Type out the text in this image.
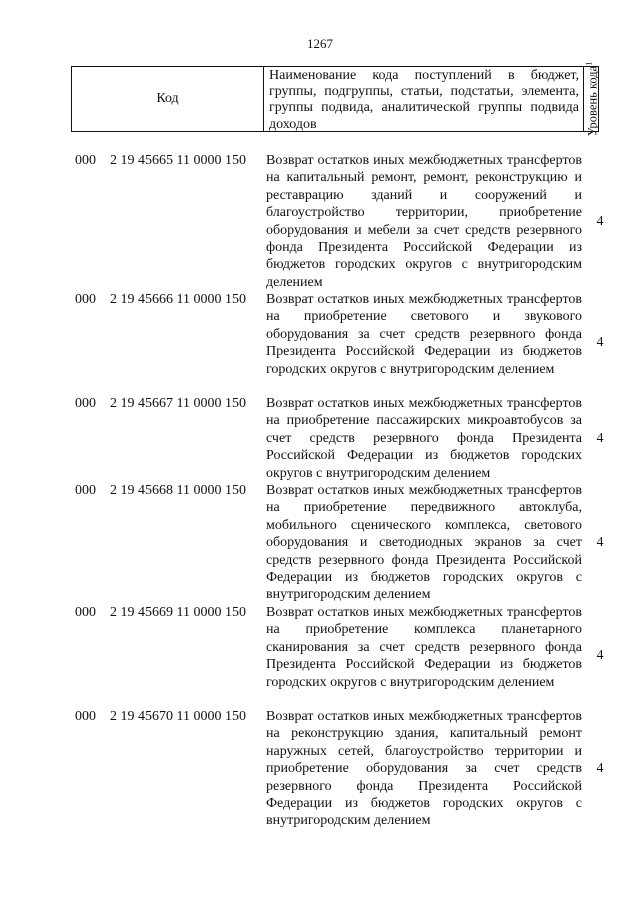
1267
Код
Наименование кода поступлений в бюджет, группы, подгруппы, статьи, подстатьи, элемента, группы подвида, аналитической группы подвида доходов	Уровень кода$^1$
000 2 19 45665 11 0000 150 Возврат остатков иных межбюджетных трансфертов на капитальный ремонт, ремонт, реконструкцию и реставрацию зданий и сооружений и благоустройство территории, приобретение оборудования и мебели за счет средств резервного фонда Президента Российской Федерации из бюджетов городских округов с внутригородским делением
4
000 2 19 45666 11 0000 150 Возврат остатков иных межбюджетных трансфертов на приобретение светового и звукового оборудования за счет средств резервного фонда Президента Российской Федерации из бюджетов городских округов с внутригородским делением
4
000 2 19 45667 11 0000 150 Возврат остатков иных межбюджетных трансфертов на приобретение пассажирских микроавтобусов за счет средств резервного фонда Президента Российской Федерации из бюджетов городских округов с внутригородским делением
4
000 2 19 45668 11 0000 150 Возврат остатков иных межбюджетных трансфертов на приобретение передвижного автоклуба, мобильного сценического комплекса, светового оборудования и светодиодных экранов за счет средств резервного фонда Президента Российской Федерации из бюджетов городских округов с внутригородским делением
4
000 2 19 45669 11 0000 150 Возврат остатков иных межбюджетных трансфертов на приобретение комплекса планетарного сканирования за счет средств резервного фонда Президента Российской Федерации из бюджетов городских округов с внутригородским делением
4
000 2 19 45670 11 0000 150 Возврат остатков иных межбюджетных трансфертов на реконструкцию здания, капитальный ремонт наружных сетей, благоустройство территории и приобретение оборудования за счет средств резервного фонда Президента Российской Федерации из бюджетов городских округов с внутригородским делением
4
